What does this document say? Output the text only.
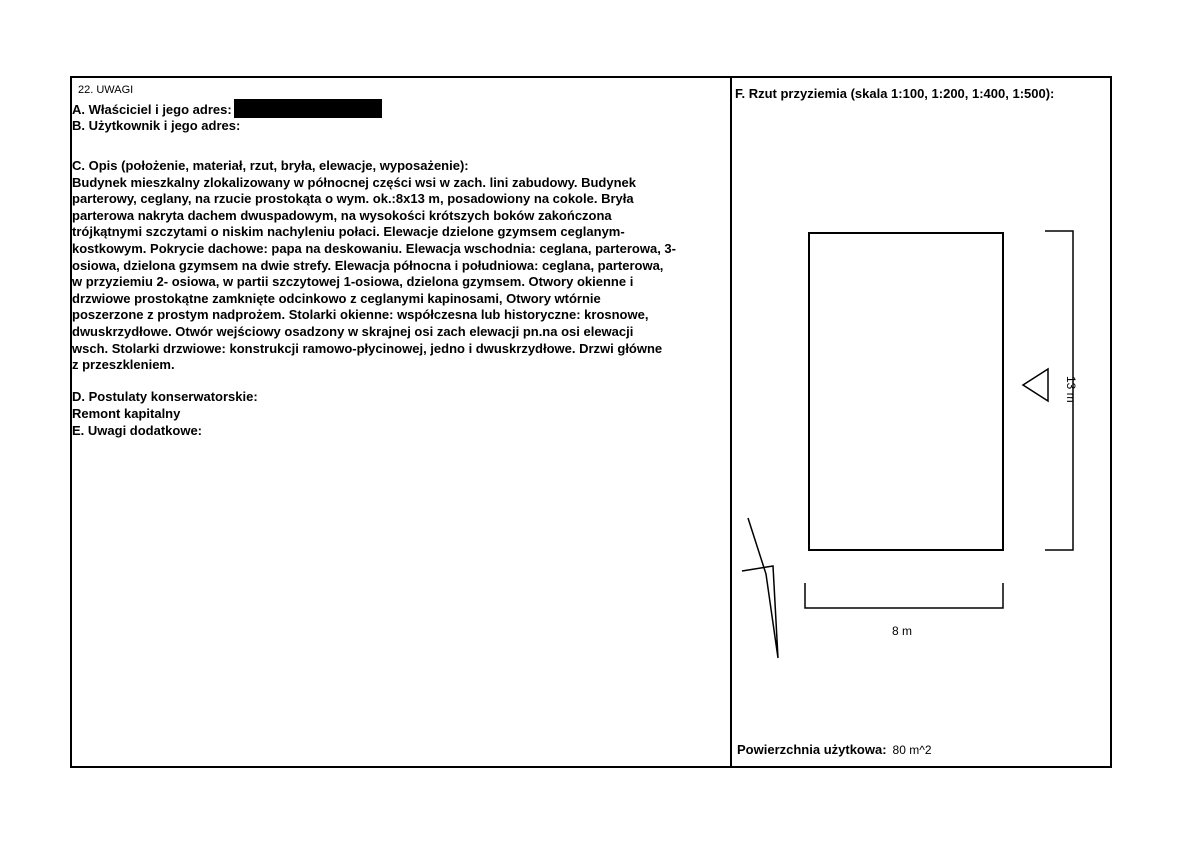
22. UWAGI
A. Właściciel i jego adres:
B. Użytkownik i jego adres:
C. Opis (położenie, materiał, rzut, bryła, elewacje, wyposażenie):
Budynek mieszkalny zlokalizowany w północnej części wsi w zach. lini zabudowy. Budynek
parterowy, ceglany, na rzucie prostokąta o wym. ok.:8x13 m, posadowiony na cokole. Bryła
parterowa nakryta dachem dwuspadowym, na wysokości krótszych boków zakończona
trójkątnymi szczytami o niskim nachyleniu połaci. Elewacje dzielone gzymsem ceglanym-
kostkowym. Pokrycie dachowe: papa na deskowaniu. Elewacja wschodnia: ceglana, parterowa, 3-
osiowa, dzielona gzymsem na dwie strefy. Elewacja północna i południowa: ceglana, parterowa,
w przyziemiu 2- osiowa, w partii szczytowej 1-osiowa, dzielona gzymsem. Otwory okienne i
drzwiowe prostokątne zamknięte odcinkowo z ceglanymi kapinosami, Otwory wtórnie
poszerzone z prostym nadprożem. Stolarki okienne: współczesna lub historyczne: krosnowe,
dwuskrzydłowe. Otwór wejściowy osadzony w skrajnej osi zach elewacji pn.na osi elewacji
wsch. Stolarki drzwiowe: konstrukcji ramowo-płycinowej, jedno i dwuskrzydłowe. Drzwi główne
z przeszkleniem.
D. Postulaty konserwatorskie:
Remont kapitalny
E. Uwagi dodatkowe:
F. Rzut przyziemia (skala 1:100, 1:200, 1:400, 1:500):
8 m
13 m
Powierzchnia użytkowa: 80 m^2
